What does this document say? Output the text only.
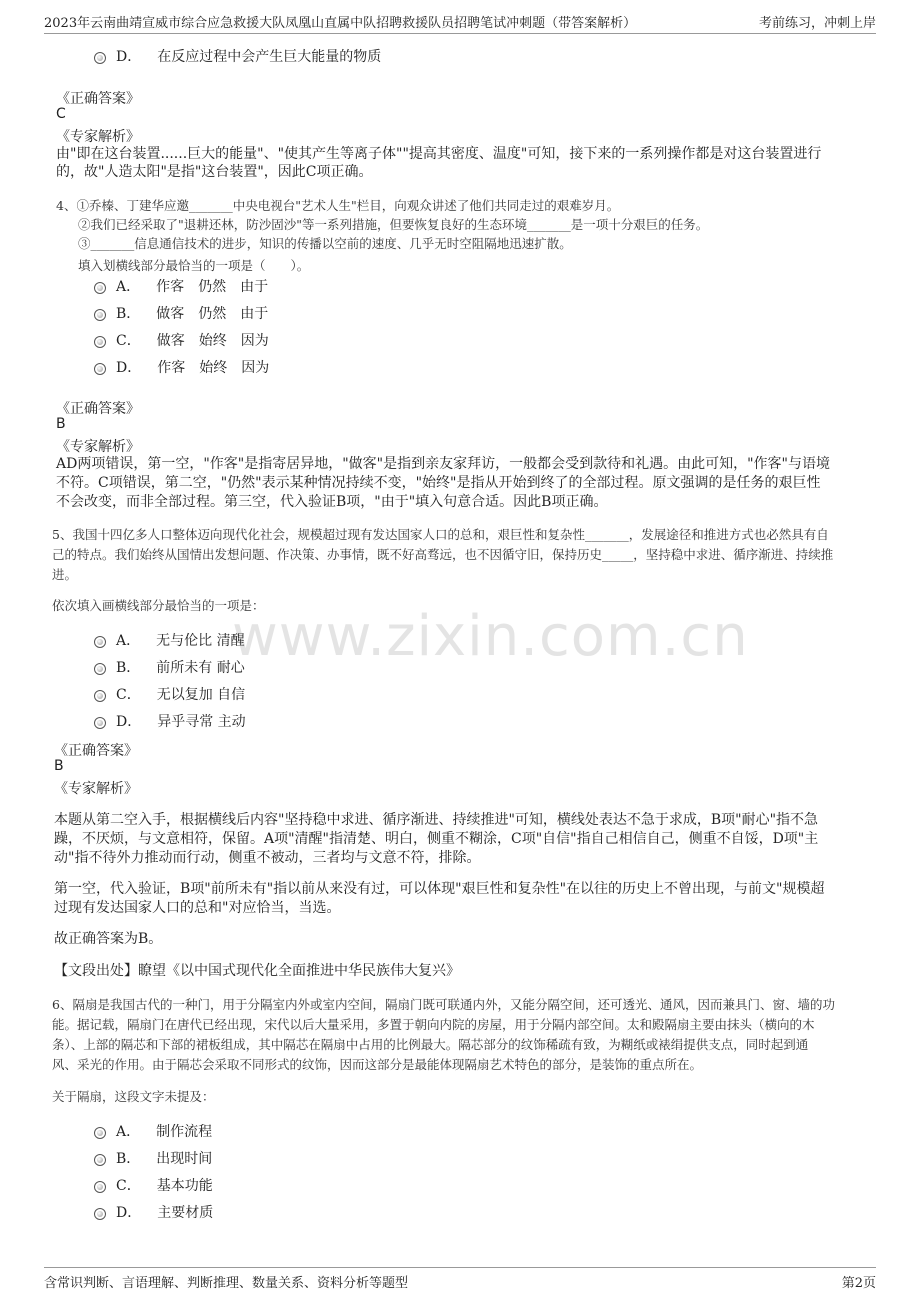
2023年云南曲靖宣威市综合应急救援大队凤凰山直属中队招聘救援队员招聘笔试冲刺题（带答案解析）	考前练习，冲刺上岸
www.zixin.com.cn
D． 在反应过程中会产生巨大能量的物质
《正确答案》
C
《专家解析》
由"即在这台装置......巨大的能量"、"使其产生等离子体""提高其密度、温度"可知，接下来的一系列操作都是对这台装置进行
的，故"人造太阳"是指"这台装置"，因此C项正确。
4、①乔榛、丁建华应邀_______中央电视台"艺术人生"栏目，向观众讲述了他们共同走过的艰难岁月。
②我们已经采取了"退耕还林，防沙固沙"等一系列措施，但要恢复良好的生态环境_______是一项十分艰巨的任务。
③_______信息通信技术的进步，知识的传播以空前的速度、几乎无时空阻隔地迅速扩散。
填入划横线部分最恰当的一项是（　　）。
A． 作客　仍然　由于
B． 做客　仍然　由于
C． 做客　始终　因为
D． 作客　始终　因为
《正确答案》
B
《专家解析》
AD两项错误，第一空，"作客"是指寄居异地，"做客"是指到亲友家拜访，一般都会受到款待和礼遇。由此可知，"作客"与语境
不符。C项错误，第二空，"仍然"表示某种情况持续不变，"始终"是指从开始到终了的全部过程。原文强调的是任务的艰巨性
不会改变，而非全部过程。第三空，代入验证B项，"由于"填入句意合适。因此B项正确。
5、我国十四亿多人口整体迈向现代化社会，规模超过现有发达国家人口的总和，艰巨性和复杂性_______，发展途径和推进方式也必然具有自
己的特点。我们始终从国情出发想问题、作决策、办事情，既不好高骛远，也不因循守旧，保持历史_____，坚持稳中求进、循序渐进、持续推
进。
依次填入画横线部分最恰当的一项是：
A． 无与伦比 清醒
B． 前所未有 耐心
C． 无以复加 自信
D． 异乎寻常 主动
《正确答案》
B
《专家解析》
本题从第二空入手，根据横线后内容"坚持稳中求进、循序渐进、持续推进"可知，横线处表达不急于求成，B项"耐心"指不急
躁，不厌烦，与文意相符，保留。A项"清醒"指清楚、明白，侧重不糊涂，C项"自信"指自己相信自己，侧重不自馁，D项"主
动"指不待外力推动而行动，侧重不被动，三者均与文意不符，排除。
第一空，代入验证，B项"前所未有"指以前从来没有过，可以体现"艰巨性和复杂性"在以往的历史上不曾出现，与前文"规模超
过现有发达国家人口的总和"对应恰当，当选。
故正确答案为B。
【文段出处】瞭望《以中国式现代化全面推进中华民族伟大复兴》
6、隔扇是我国古代的一种门，用于分隔室内外或室内空间，隔扇门既可联通内外，又能分隔空间，还可透光、通风，因而兼具门、窗、墙的功
能。据记载，隔扇门在唐代已经出现，宋代以后大量采用，多置于朝向内院的房屋，用于分隔内部空间。太和殿隔扇主要由抹头（横向的木
条）、上部的隔芯和下部的裙板组成，其中隔芯在隔扇中占用的比例最大。隔芯部分的纹饰稀疏有致，为糊纸或裱绢提供支点，同时起到通
风、采光的作用。由于隔芯会采取不同形式的纹饰，因而这部分是最能体现隔扇艺术特色的部分，是装饰的重点所在。
关于隔扇，这段文字未提及：
A． 制作流程
B． 出现时间
C． 基本功能
D． 主要材质
含常识判断、言语理解、判断推理、数量关系、资料分析等题型	第2页
